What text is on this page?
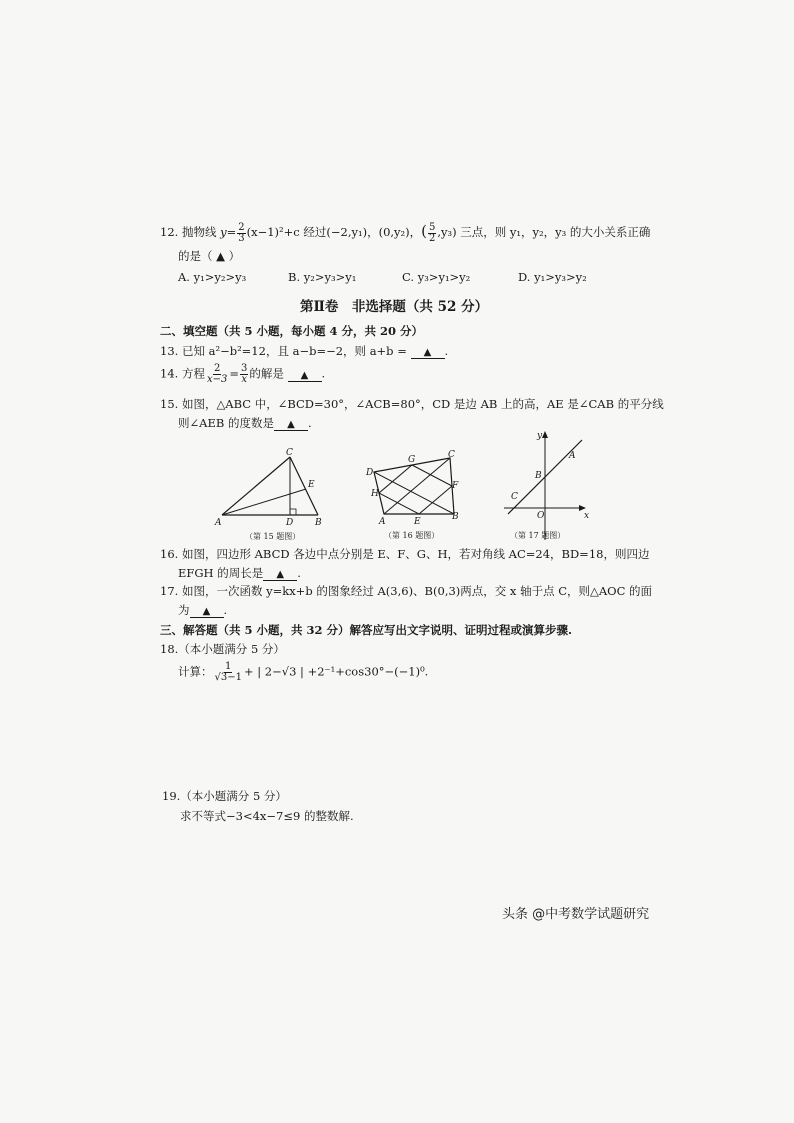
12. 抛物线 $y= \frac{2}{3} (x-1)^2+c$ 经过(−2,y₁)，(0,y₂)，( $\frac{5}{2} ,y_3$) 三点，则 y₁，y₂，y₃ 的大小关系正确
的是（ ▲ ）
A. y₁>y₂>y₃	B. y₂>y₃>y₁	C. y₃>y₁>y₂	D. y₁>y₃>y₂
第Ⅱ卷　非选择题（共 52 分）
二、填空题（共 5 小题，每小题 4 分，共 20 分）
13. 已知 a²−b²=12，且 a−b=−2，则 a+b = ▲ .
14. 方程 $\frac{2}{x-3} = \frac{3}{x}$ 的解是 ▲ .
15. 如图，△ABC 中，∠BCD=30°，∠ACB=80°，CD 是边 AB 上的高，AE 是∠CAB 的平分线
则∠AEB 的度数是 ▲ .
C
E
A	D B
（第 15 题图）
D
G	C
F
H
A	E	B
（第 16 题图）
y
A
B
C
O	x
（第 17 题图）
16. 如图，四边形 ABCD 各边中点分别是 E、F、G、H，若对角线 AC=24，BD=18，则四边
EFGH 的周长是 ▲ .
17. 如图，一次函数 y=kx+b 的图象经过 A(3,6)、B(0,3)两点，交 x 轴于点 C，则△AOC 的面
为 ▲ .
三、解答题（共 5 小题，共 32 分）解答应写出文字说明、证明过程或演算步骤.
18.（本小题满分 5 分）
计算： $\frac{1}{√3-1}$ + | 2−√3 | +2⁻¹+cos30°−(−1)⁰.
19.（本小题满分 5 分）
求不等式−3<4x−7≤9 的整数解.
头条 @中考数学试题研究
